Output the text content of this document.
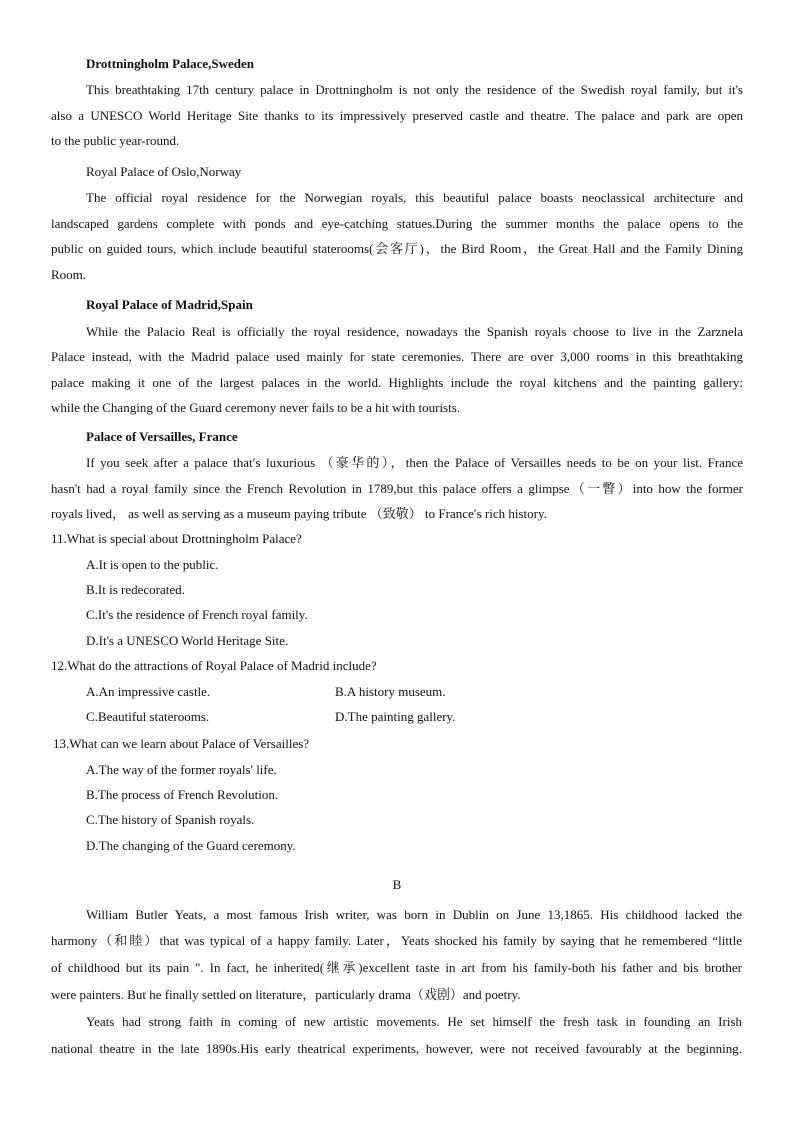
Drottningholm Palace,Sweden
This breathtaking 17th century palace in Drottningholm is not only the residence of the Swedish royal family, but it's
also a UNESCO World Heritage Site thanks to its impressively preserved castle and theatre. The palace and park are open
to the public year-round.
Royal Palace of Oslo,Norway
The official royal residence for the Norwegian royals, this beautiful palace boasts neoclassical architecture and
landscaped gardens complete with ponds and eye-catching statues.During the summer months the palace opens to the
public on guided tours, which include beautiful staterooms(会客厅)，the Bird Room，the Great Hall and the Family Dining
Room.
Royal Palace of Madrid,Spain
While the Palacio Real is officially the royal residence, nowadays the Spanish royals choose to live in the Zarznela
Palace instead, with the Madrid palace used mainly for state ceremonies. There are over 3,000 rooms in this breathtaking
palace making it one of the largest palaces in the world. Highlights include the royal kitchens and the painting gallery:
while the Changing of the Guard ceremony never fails to be a hit with tourists.
Palace of Versailles, France
If you seek after a palace that′s luxurious （豪华的），then the Palace of Versailles needs to be on your list. France
hasn't had a royal family since the French Revolution in 1789,but this palace offers a glimpse（一瞥）into how the former
royals lived， as well as serving as a museum paying tribute （致敬） to France′s rich history.
11.What is special about Drottningholm Palace?
A.It is open to the public.
B.It is redecorated.
C.It's the residence of French royal family.
D.It's a UNESCO World Heritage Site.
12.What do the attractions of Royal Palace of Madrid include?
A.An impressive castle.	B.A history museum.
C.Beautiful staterooms.	D.The painting gallery.
13.What can we learn about Palace of Versailles?
A.The way of the former royals' life.
B.The process of French Revolution.
C.The history of Spanish royals.
D.The changing of the Guard ceremony.
B
William Butler Yeats, a most famous Irish writer, was born in Dublin on June 13,1865. His childhood lacked the
harmony（和睦）that was typical of a happy family. Later，Yeats shocked his family by saying that he remembered “little
of childhood but its pain ". In fact, he inherited(继承)excellent taste in art from his family-both his father and bis brother
were painters. But he finally settled on literature，particularly drama（戏剧）and poetry.
Yeats had strong faith in coming of new artistic movements. He set himself the fresh task in founding an Irish
national theatre in the late 1890s.His early theatrical experiments, however, were not received favourably at the beginning.
